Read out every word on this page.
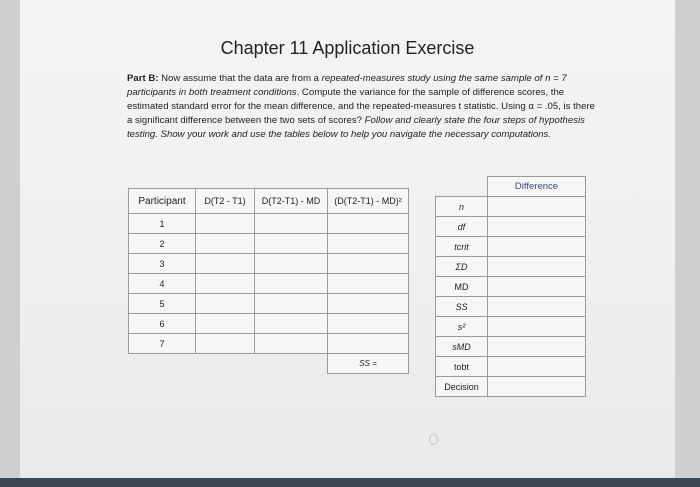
Chapter 11 Application Exercise
Part B: Now assume that the data are from a repeated-measures study using the same sample of n = 7 participants in both treatment conditions. Compute the variance for the sample of difference scores, the estimated standard error for the mean difference, and the repeated-measures t statistic. Using α = .05, is there a significant difference between the two sets of scores? Follow and clearly state the four steps of hypothesis testing. Show your work and use the tables below to help you navigate the necessary computations.
Participant	D(T2 - T1)	D(T2-T1) - MD	(D(T2-T1) - MD)²
1			
2			
3			
4			
5			
6			
7			
			SS =
	Difference
n	
df	
tcrit	
ΣD	
MD	
SS	
s²	
sMD	
tobt	
Decision	
